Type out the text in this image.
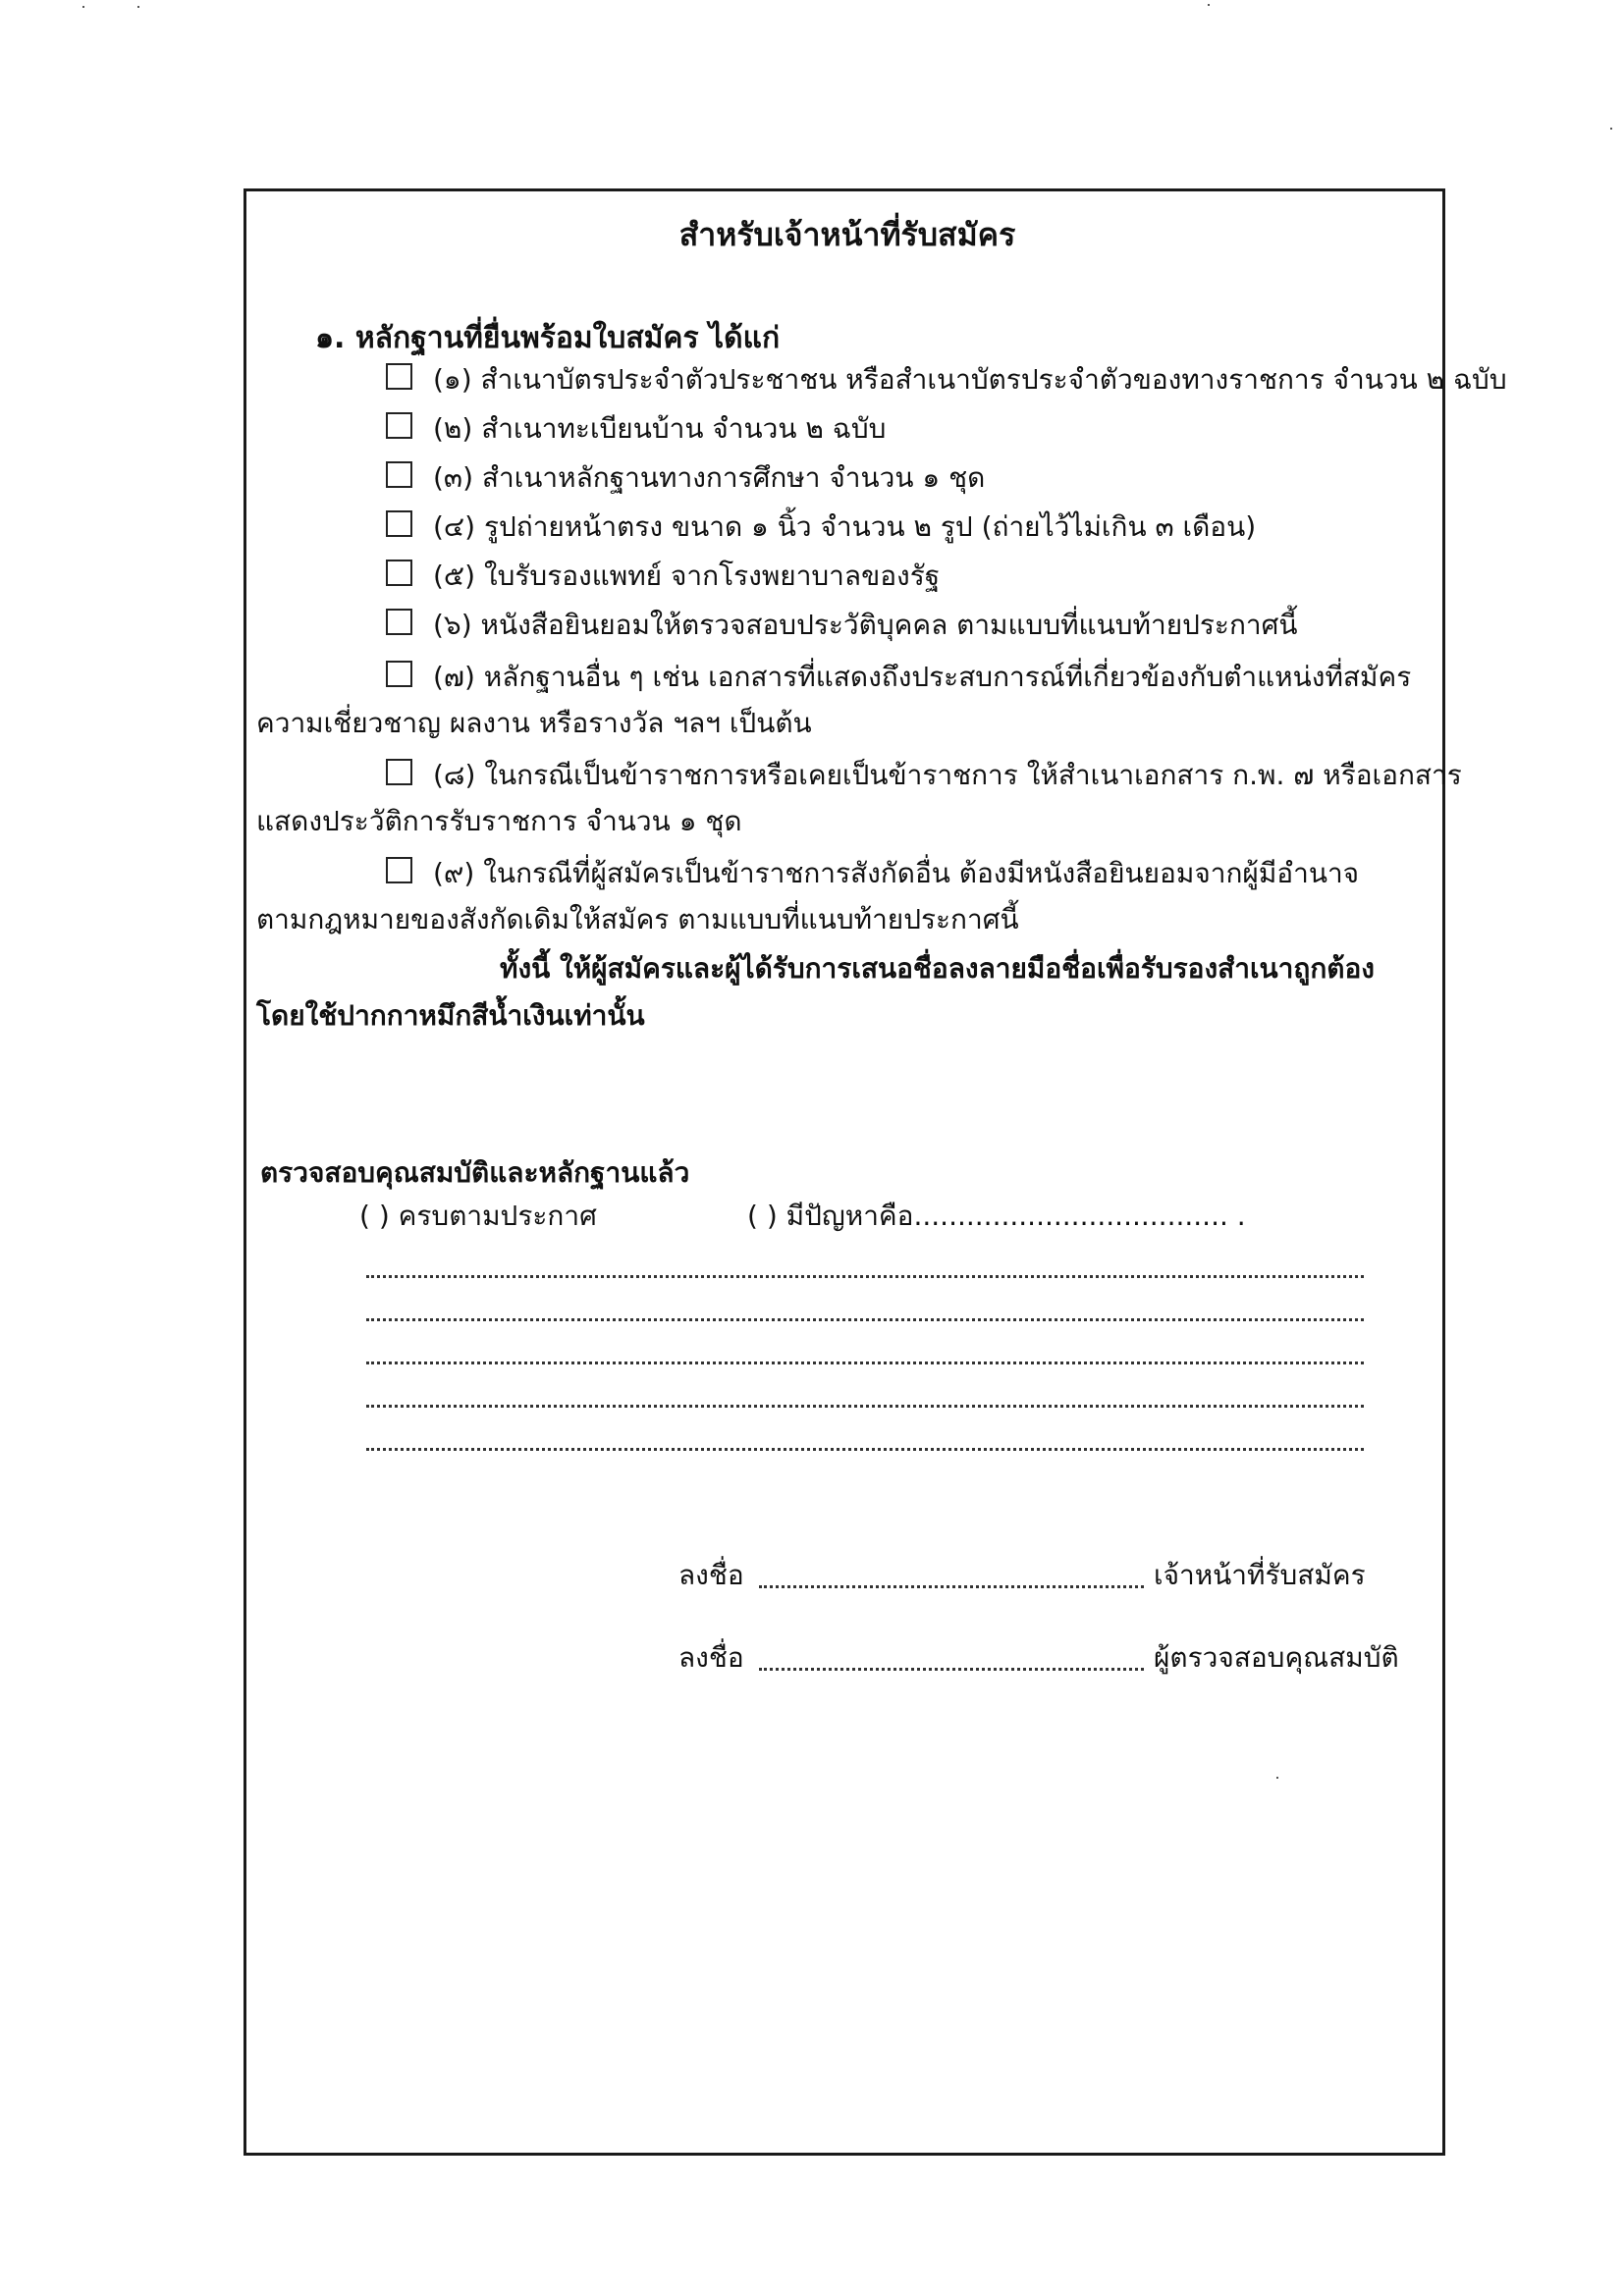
สำหรับเจ้าหน้าที่รับสมัคร
๑. หลักฐานที่ยื่นพร้อมใบสมัคร ได้แก่
(๑) สำเนาบัตรประจำตัวประชาชน หรือสำเนาบัตรประจำตัวของทางราชการ จำนวน ๒ ฉบับ
(๒) สำเนาทะเบียนบ้าน จำนวน ๒ ฉบับ
(๓) สำเนาหลักฐานทางการศึกษา จำนวน ๑ ชุด
(๔) รูปถ่ายหน้าตรง ขนาด ๑ นิ้ว จำนวน ๒ รูป (ถ่ายไว้ไม่เกิน ๓ เดือน)
(๕) ใบรับรองแพทย์ จากโรงพยาบาลของรัฐ
(๖) หนังสือยินยอมให้ตรวจสอบประวัติบุคคล ตามแบบที่แนบท้ายประกาศนี้
(๗) หลักฐานอื่น ๆ เช่น เอกสารที่แสดงถึงประสบการณ์ที่เกี่ยวข้องกับตำแหน่งที่สมัคร
ความเชี่ยวชาญ ผลงาน หรือรางวัล ฯลฯ เป็นต้น
(๘) ในกรณีเป็นข้าราชการหรือเคยเป็นข้าราชการ ให้สำเนาเอกสาร ก.พ. ๗ หรือเอกสาร
แสดงประวัติการรับราชการ จำนวน ๑ ชุด
(๙) ในกรณีที่ผู้สมัครเป็นข้าราชการสังกัดอื่น ต้องมีหนังสือยินยอมจากผู้มีอำนาจ
ตามกฎหมายของสังกัดเดิมให้สมัคร ตามแบบที่แนบท้ายประกาศนี้
ทั้งนี้ ให้ผู้สมัครและผู้ได้รับการเสนอชื่อลงลายมือชื่อเพื่อรับรองสำเนาถูกต้อง
โดยใช้ปากกาหมึกสีน้ำเงินเท่านั้น
ตรวจสอบคุณสมบัติและหลักฐานแล้ว
( ) ครบตามประกาศ	( ) มีปัญหาคือ.................................... .
ลงชื่อ	เจ้าหน้าที่รับสมัคร
ลงชื่อ	ผู้ตรวจสอบคุณสมบัติ
